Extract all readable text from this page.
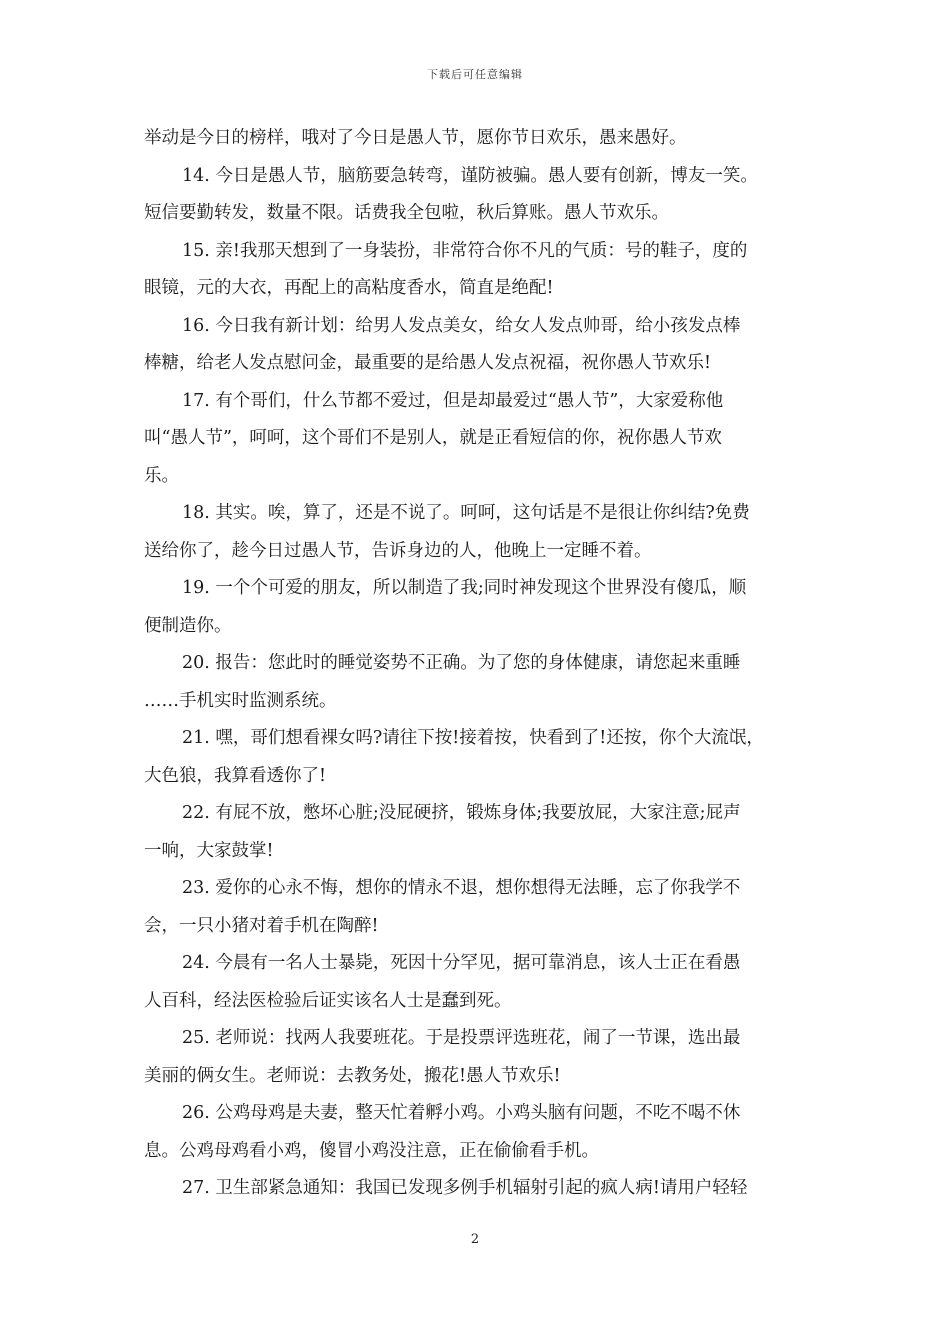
下载后可任意编辑
举动是今日的榜样，哦对了今日是愚人节，愿你节日欢乐，愚来愚好。
14. 今日是愚人节，脑筋要急转弯，谨防被骗。愚人要有创新，博友一笑。
短信要勤转发，数量不限。话费我全包啦，秋后算账。愚人节欢乐。
15. 亲!我那天想到了一身装扮，非常符合你不凡的气质：号的鞋子，度的
眼镜，元的大衣，再配上的高粘度香水，简直是绝配!
16. 今日我有新计划：给男人发点美女，给女人发点帅哥，给小孩发点棒
棒糖，给老人发点慰问金，最重要的是给愚人发点祝福，祝你愚人节欢乐!
17. 有个哥们，什么节都不爱过，但是却最爱过“愚人节”，大家爱称他
叫“愚人节”，呵呵，这个哥们不是别人，就是正看短信的你，祝你愚人节欢
乐。
18. 其实。唉，算了，还是不说了。呵呵，这句话是不是很让你纠结?免费
送给你了，趁今日过愚人节，告诉身边的人，他晚上一定睡不着。
19. 一个个可爱的朋友，所以制造了我;同时神发现这个世界没有傻瓜，顺
便制造你。
20. 报告：您此时的睡觉姿势不正确。为了您的身体健康，请您起来重睡
……手机实时监测系统。
21. 嘿，哥们想看裸女吗?请往下按!接着按，快看到了!还按，你个大流氓，
大色狼，我算看透你了!
22. 有屁不放，憋坏心脏;没屁硬挤，锻炼身体;我要放屁，大家注意;屁声
一响，大家鼓掌!
23. 爱你的心永不悔，想你的情永不退，想你想得无法睡，忘了你我学不
会，一只小猪对着手机在陶醉!
24. 今晨有一名人士暴毙，死因十分罕见，据可靠消息，该人士正在看愚
人百科，经法医检验后证实该名人士是蠢到死。
25. 老师说：找两人我要班花。于是投票评选班花，闹了一节课，选出最
美丽的俩女生。老师说：去教务处，搬花!愚人节欢乐!
26. 公鸡母鸡是夫妻，整天忙着孵小鸡。小鸡头脑有问题，不吃不喝不休
息。公鸡母鸡看小鸡，傻冒小鸡没注意，正在偷偷看手机。
27. 卫生部紧急通知：我国已发现多例手机辐射引起的疯人病!请用户轻轻
2
